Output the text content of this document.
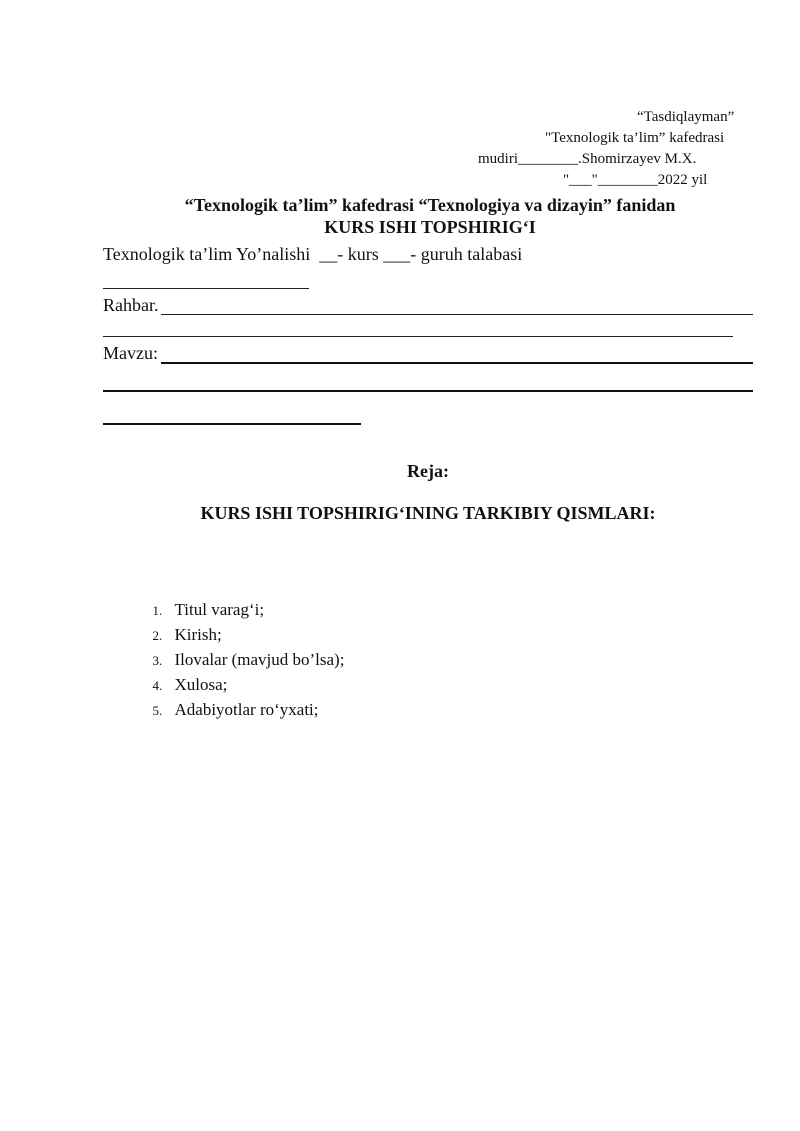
“Tasdiqlayman”
"Texnologik ta’lim” kafedrasi
mudiri________.Shomirzayev M.X.
"___"________2022 yil
“Texnologik ta’lim” kafedrasi “Texnologiya va dizayin” fanidan
KURS ISHI TOPSHIRIG‘I
Texnologik ta’lim Yo’nalishi  __- kurs ___- guruh talabasi
Rahbar.
Mavzu:
Reja:
KURS ISHI TOPSHIRIG‘INING TARKIBIY QISMLARI:

1. Titul varag‘i;

2. Kirish;

3. Ilovalar (mavjud bo’lsa);

4. Xulosa;

5. Adabiyotlar ro‘yxati;
